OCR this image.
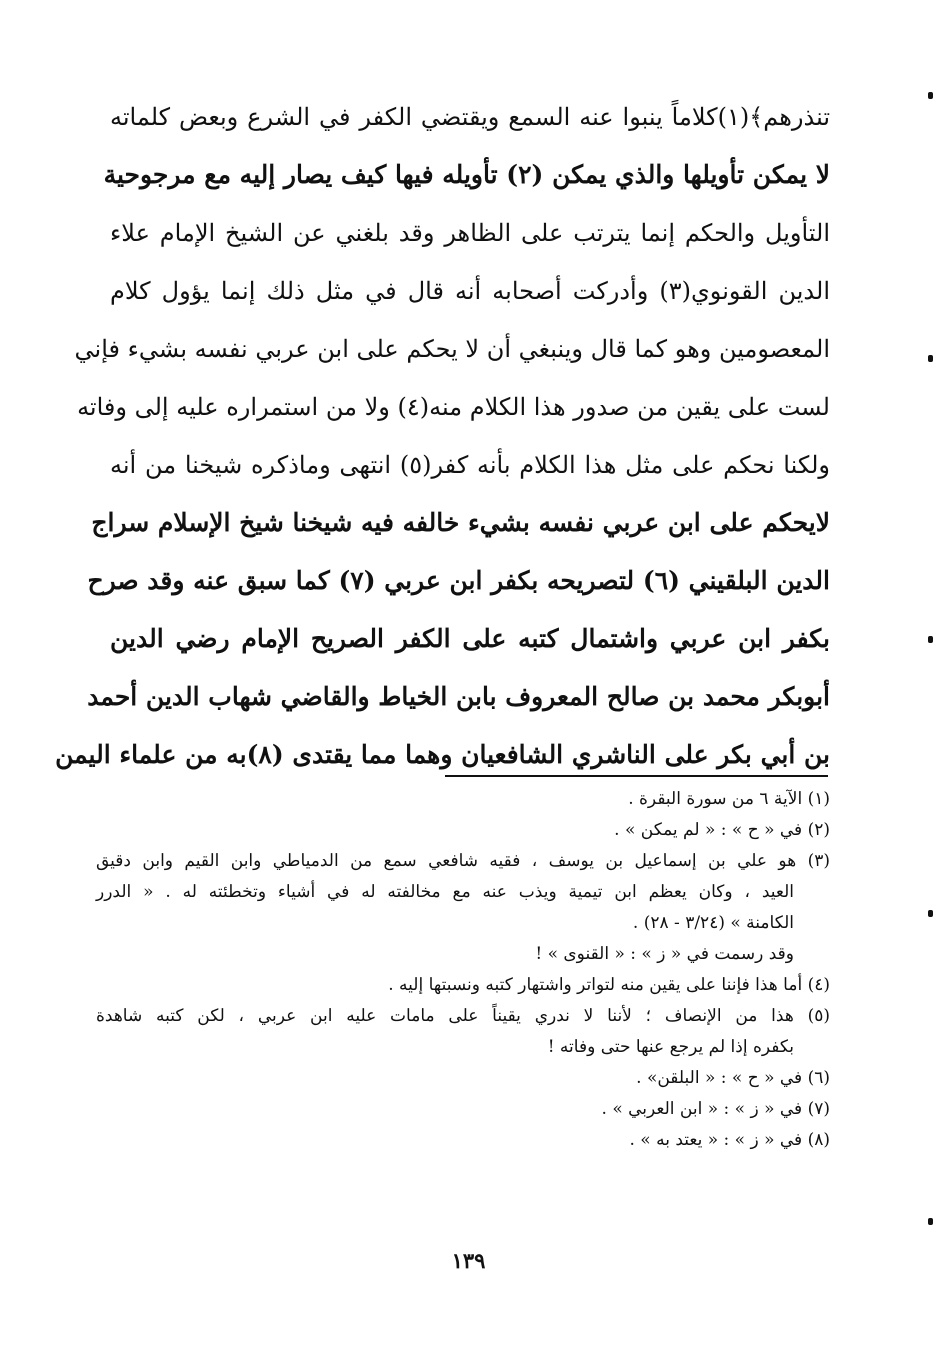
تنذرهم﴾(١)كلاماً ينبوا عنه السمع ويقتضي الكفر في الشرع وبعض كلماته
لا يمكن تأويلها والذي يمكن (٢) تأويله فيها كيف يصار إليه مع مرجوحية
التأويل والحكم إنما يترتب على الظاهر وقد بلغني عن الشيخ الإمام علاء
الدين القونوي(٣) وأدركت أصحابه أنه قال في مثل ذلك إنما يؤول كلام
المعصومين وهو كما قال وينبغي أن لا يحكم على ابن عربي نفسه بشيء فإني
لست على يقين من صدور هذا الكلام منه(٤) ولا من استمراره عليه إلى وفاته
ولكنا نحكم على مثل هذا الكلام بأنه كفر(٥) انتهى وماذكره شيخنا من أنه
لايحكم على ابن عربي نفسه بشيء خالفه فيه شيخنا شيخ الإسلام سراج
الدين البلقيني (٦) لتصريحه بكفر ابن عربي (٧) كما سبق عنه وقد صرح
بكفر ابن عربي واشتمال كتبه على الكفر الصريح الإمام رضي الدين
أبوبكر محمد بن صالح المعروف بابن الخياط والقاضي شهاب الدين أحمد
بن أبي بكر على الناشري الشافعيان وهما مما يقتدى (٨)به من علماء اليمن
(١) الآية ٦ من سورة البقرة .
(٢) في « ح » : « لم يمكن » .
(٣) هو علي بن إسماعيل بن يوسف ، فقيه شافعي سمع من الدمياطي وابن القيم وابن دقيق
العيد ، وكان يعظم ابن تيمية ويذب عنه مع مخالفته له في أشياء وتخطئته له . « الدرر
الكامنة » (٣/٢٤ - ٢٨) .
وقد رسمت في « ز » : « القنوى » !
(٤) أما هذا فإننا على يقين منه لتواتر واشتهار كتبه ونسبتها إليه .
(٥) هذا من الإنصاف ؛ لأننا لا ندري يقيناً على مامات عليه ابن عربي ، لكن كتبه شاهدة
بكفره إذا لم يرجع عنها حتى وفاته !
(٦) في « ح » : « البلقن» .
(٧) في « ز » : « ابن العربي » .
(٨) في « ز » : « يعتد به » .
١٣٩
